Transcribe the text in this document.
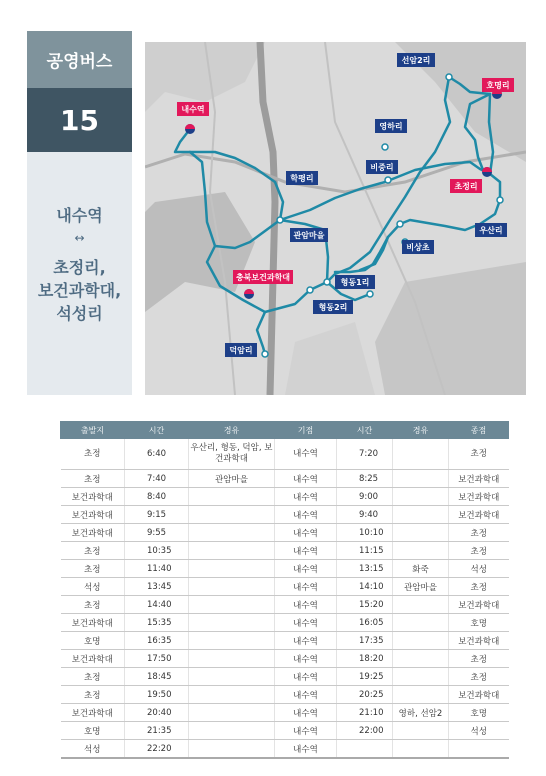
공영버스
15
내수역
↔
초정리,
보건과학대,
석성리
내수역
학평리
관암마을
충북보건과학대
덕암리
형동2리
형동1리
비상초
비중리
영하리
선암2리
호명리
초정리
우산리
출발지	시간	경유	기점	시간	경유	종점
초정	6:40	우산리, 형동, 덕암, 보건과학대	내수역	7:20		초정
초정	7:40	관암마을	내수역	8:25		보건과학대
보건과학대	8:40		내수역	9:00		보건과학대
보건과학대	9:15		내수역	9:40		보건과학대
보건과학대	9:55		내수역	10:10		초정
초정	10:35		내수역	11:15		초정
초정	11:40		내수역	13:15	화죽	석성
석성	13:45		내수역	14:10	관암마을	초정
초정	14:40		내수역	15:20		보건과학대
보건과학대	15:35		내수역	16:05		호명
호명	16:35		내수역	17:35		보건과학대
보건과학대	17:50		내수역	18:20		초정
초정	18:45		내수역	19:25		초정
초정	19:50		내수역	20:25		보건과학대
보건과학대	20:40		내수역	21:10	영하, 선암2	호명
호명	21:35		내수역	22:00		석성
석성	22:20		내수역			
